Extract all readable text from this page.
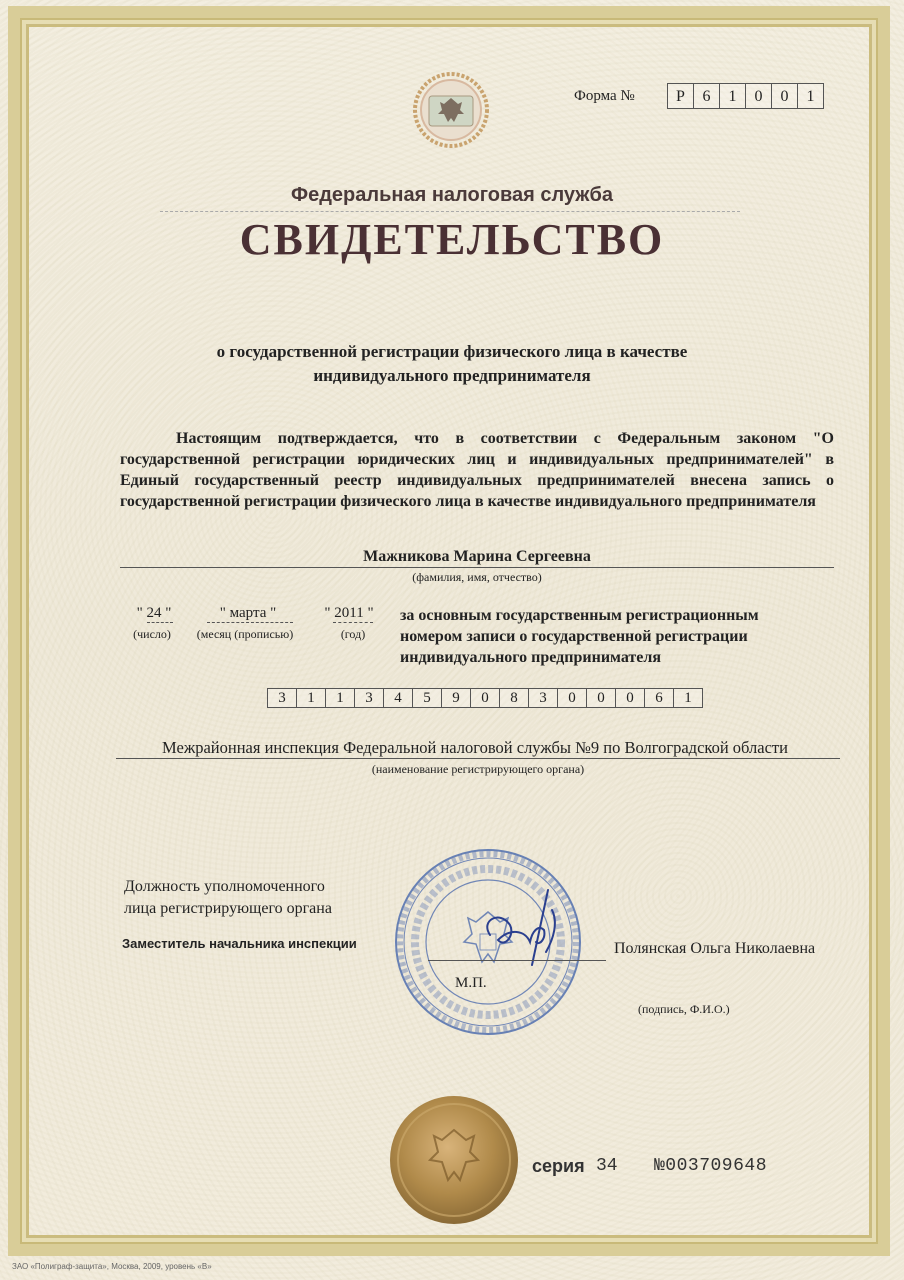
Форма №	Р	6	1	0	0	1
Федеральная налоговая служба
СВИДЕТЕЛЬСТВО
о государственной регистрации физического лица в качестве
индивидуального предпринимателя
Настоящим подтверждается, что в соответствии с Федеральным законом "О государственной регистрации юридических лиц и индивидуальных предпринимателей" в Единый государственный реестр индивидуальных предпринимателей внесена запись о государственной регистрации физического лица в качестве индивидуального предпринимателя
Мажникова Марина Сергеевна
(фамилия, имя, отчество)
" 24 "	" марта "	" 2011 "
(число)	(месяц (прописью)	(год)
за основным государственным регистрационным
номером записи о государственной регистрации
индивидуального предпринимателя
3	1	1	3	4	5	9	0	8	3	0	0	0	6	1
Межрайонная инспекция Федеральной налоговой службы №9 по Волгоградской области
(наименование регистрирующего органа)
Должность уполномоченного
лица регистрирующего органа
Заместитель начальника инспекции
М.П.
Полянская Ольга Николаевна
(подпись, Ф.И.О.)
серия 34 №003709648
ЗАО «Полиграф-защита», Москва, 2009, уровень «В»
